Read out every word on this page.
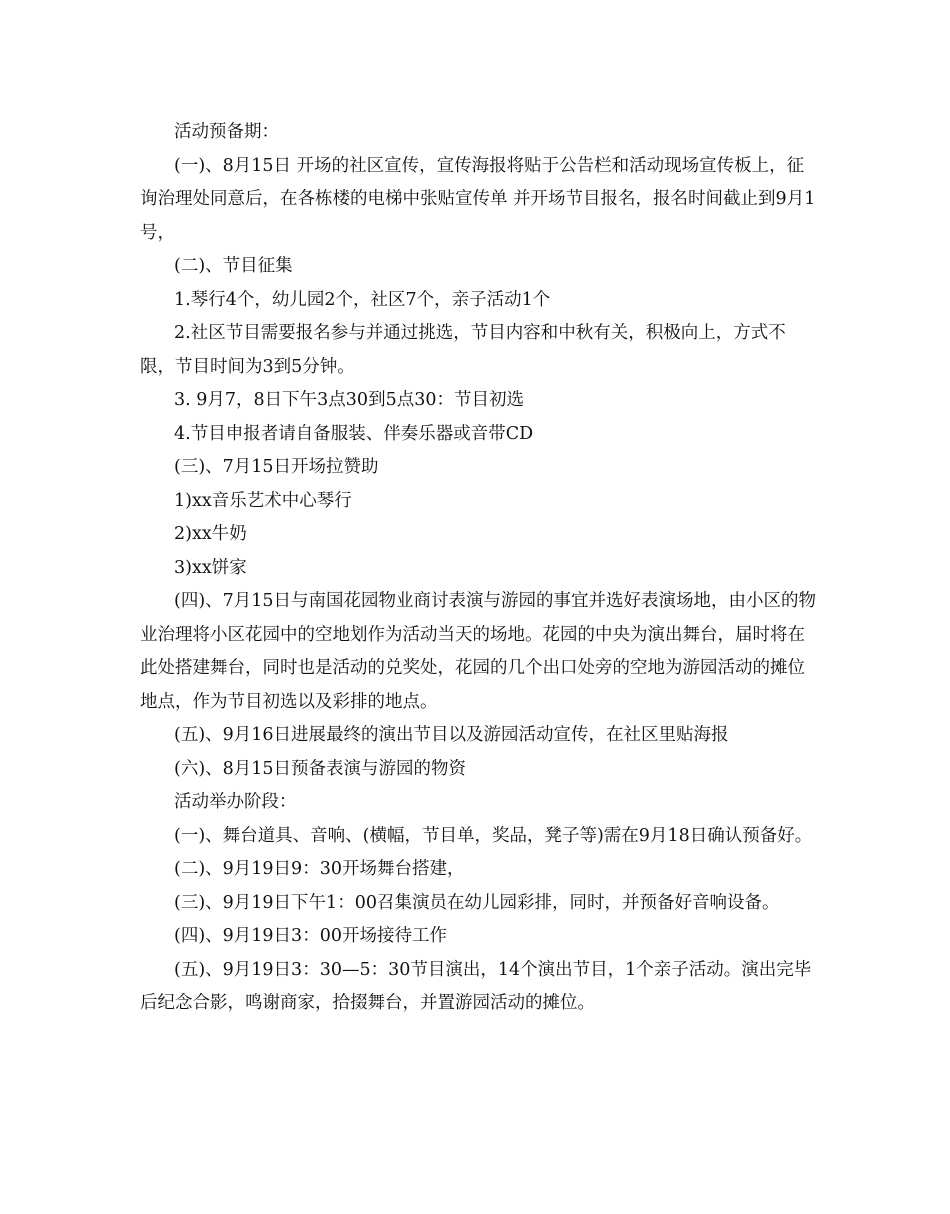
活动预备期：

(一)、8月15日 开场的社区宣传，宣传海报将贴于公告栏和活动现场宣传板上，征询治理处同意后，在各栋楼的电梯中张贴宣传单 并开场节目报名，报名时间截止到9月1号，

(二)、节目征集

1.琴行4个，幼儿园2个，社区7个，亲子活动1个

2.社区节目需要报名参与并通过挑选，节目内容和中秋有关，积极向上，方式不限，节目时间为3到5分钟。

3. 9月7，8日下午3点30到5点30：节目初选

4.节目申报者请自备服装、伴奏乐器或音带CD

(三)、7月15日开场拉赞助

1)xx音乐艺术中心琴行

2)xx牛奶

3)xx饼家

(四)、7月15日与南国花园物业商讨表演与游园的事宜并选好表演场地，由小区的物业治理将小区花园中的空地划作为活动当天的场地。花园的中央为演出舞台，届时将在此处搭建舞台，同时也是活动的兑奖处，花园的几个出口处旁的空地为游园活动的摊位地点，作为节目初选以及彩排的地点。

(五)、9月16日进展最终的演出节目以及游园活动宣传，在社区里贴海报

(六)、8月15日预备表演与游园的物资

活动举办阶段：

(一)、舞台道具、音响、(横幅，节目单，奖品，凳子等)需在9月18日确认预备好。

(二)、9月19日9：30开场舞台搭建，

(三)、9月19日下午1：00召集演员在幼儿园彩排，同时，并预备好音响设备。

(四)、9月19日3：00开场接待工作

(五)、9月19日3：30—5：30节目演出，14个演出节目，1个亲子活动。演出完毕后纪念合影，鸣谢商家，拾掇舞台，并置游园活动的摊位。
